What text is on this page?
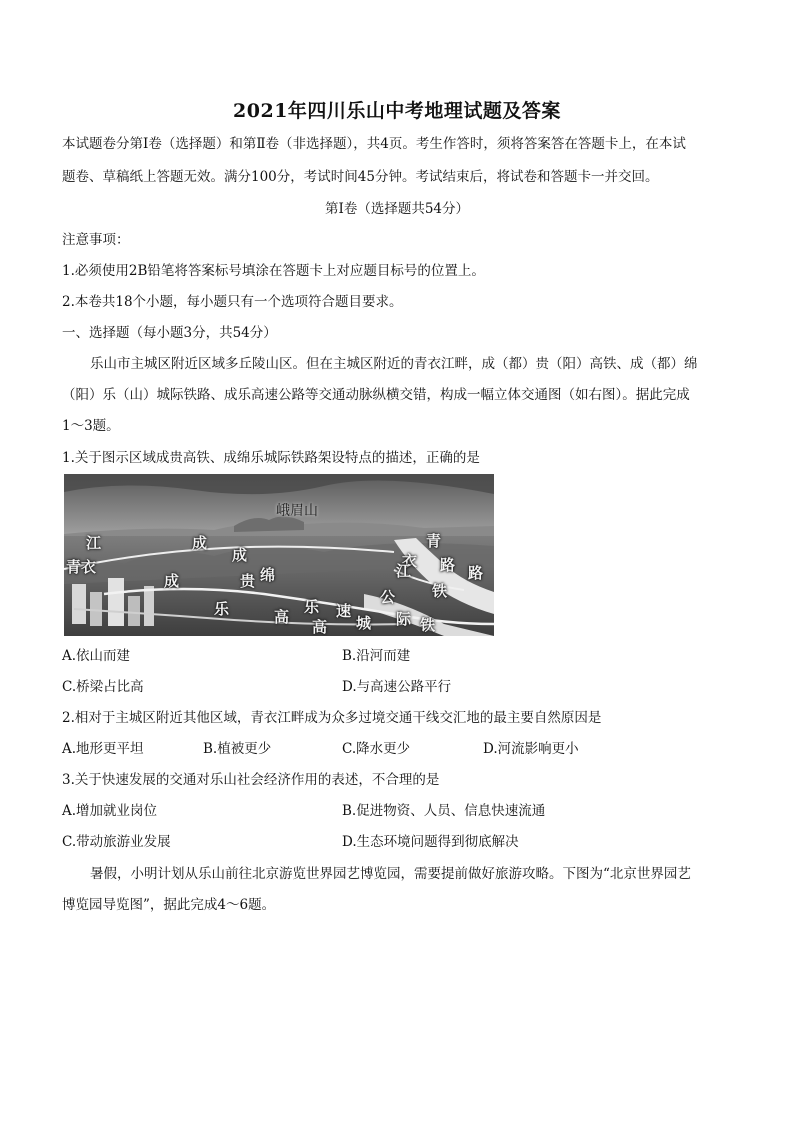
2021年四川乐山中考地理试题及答案
本试题卷分第Ⅰ卷（选择题）和第Ⅱ卷（非选择题），共4页。考生作答时，须将答案答在答题卡上，在本试
题卷、草稿纸上答题无效。满分100分，考试时间45分钟。考试结束后，将试卷和答题卡一并交回。
第Ⅰ卷（选择题共54分）
注意事项：
1.必须使用2B铅笔将答案标号填涂在答题卡上对应题目标号的位置上。
2.本卷共18个小题，每小题只有一个选项符合题目要求。
一、选择题（每小题3分，共54分）
乐山市主城区附近区域多丘陵山区。但在主城区附近的青衣江畔，成（都）贵（阳）高铁、成（都）绵
（阳）乐（山）城际铁路、成乐高速公路等交通动脉纵横交错，构成一幅立体交通图（如右图）。据此完成
1～3题。
1.关于图示区域成贵高铁、成绵乐城际铁路架设特点的描述，正确的是
峨眉山
江
青衣
成
成
成
贵 绵
乐	高
乐
高
速
城
公
际 铁
青
衣
江 路
铁
路
A.依山而建	B.沿河而建
C.桥梁占比高	D.与高速公路平行
2.相对于主城区附近其他区域，青衣江畔成为众多过境交通干线交汇地的最主要自然原因是
A.地形更平坦	B.植被更少	C.降水更少	D.河流影响更小
3.关于快速发展的交通对乐山社会经济作用的表述，不合理的是
A.增加就业岗位	B.促进物资、人员、信息快速流通
C.带动旅游业发展	D.生态环境问题得到彻底解决
暑假，小明计划从乐山前往北京游览世界园艺博览园，需要提前做好旅游攻略。下图为“北京世界园艺
博览园导览图”，据此完成4～6题。
